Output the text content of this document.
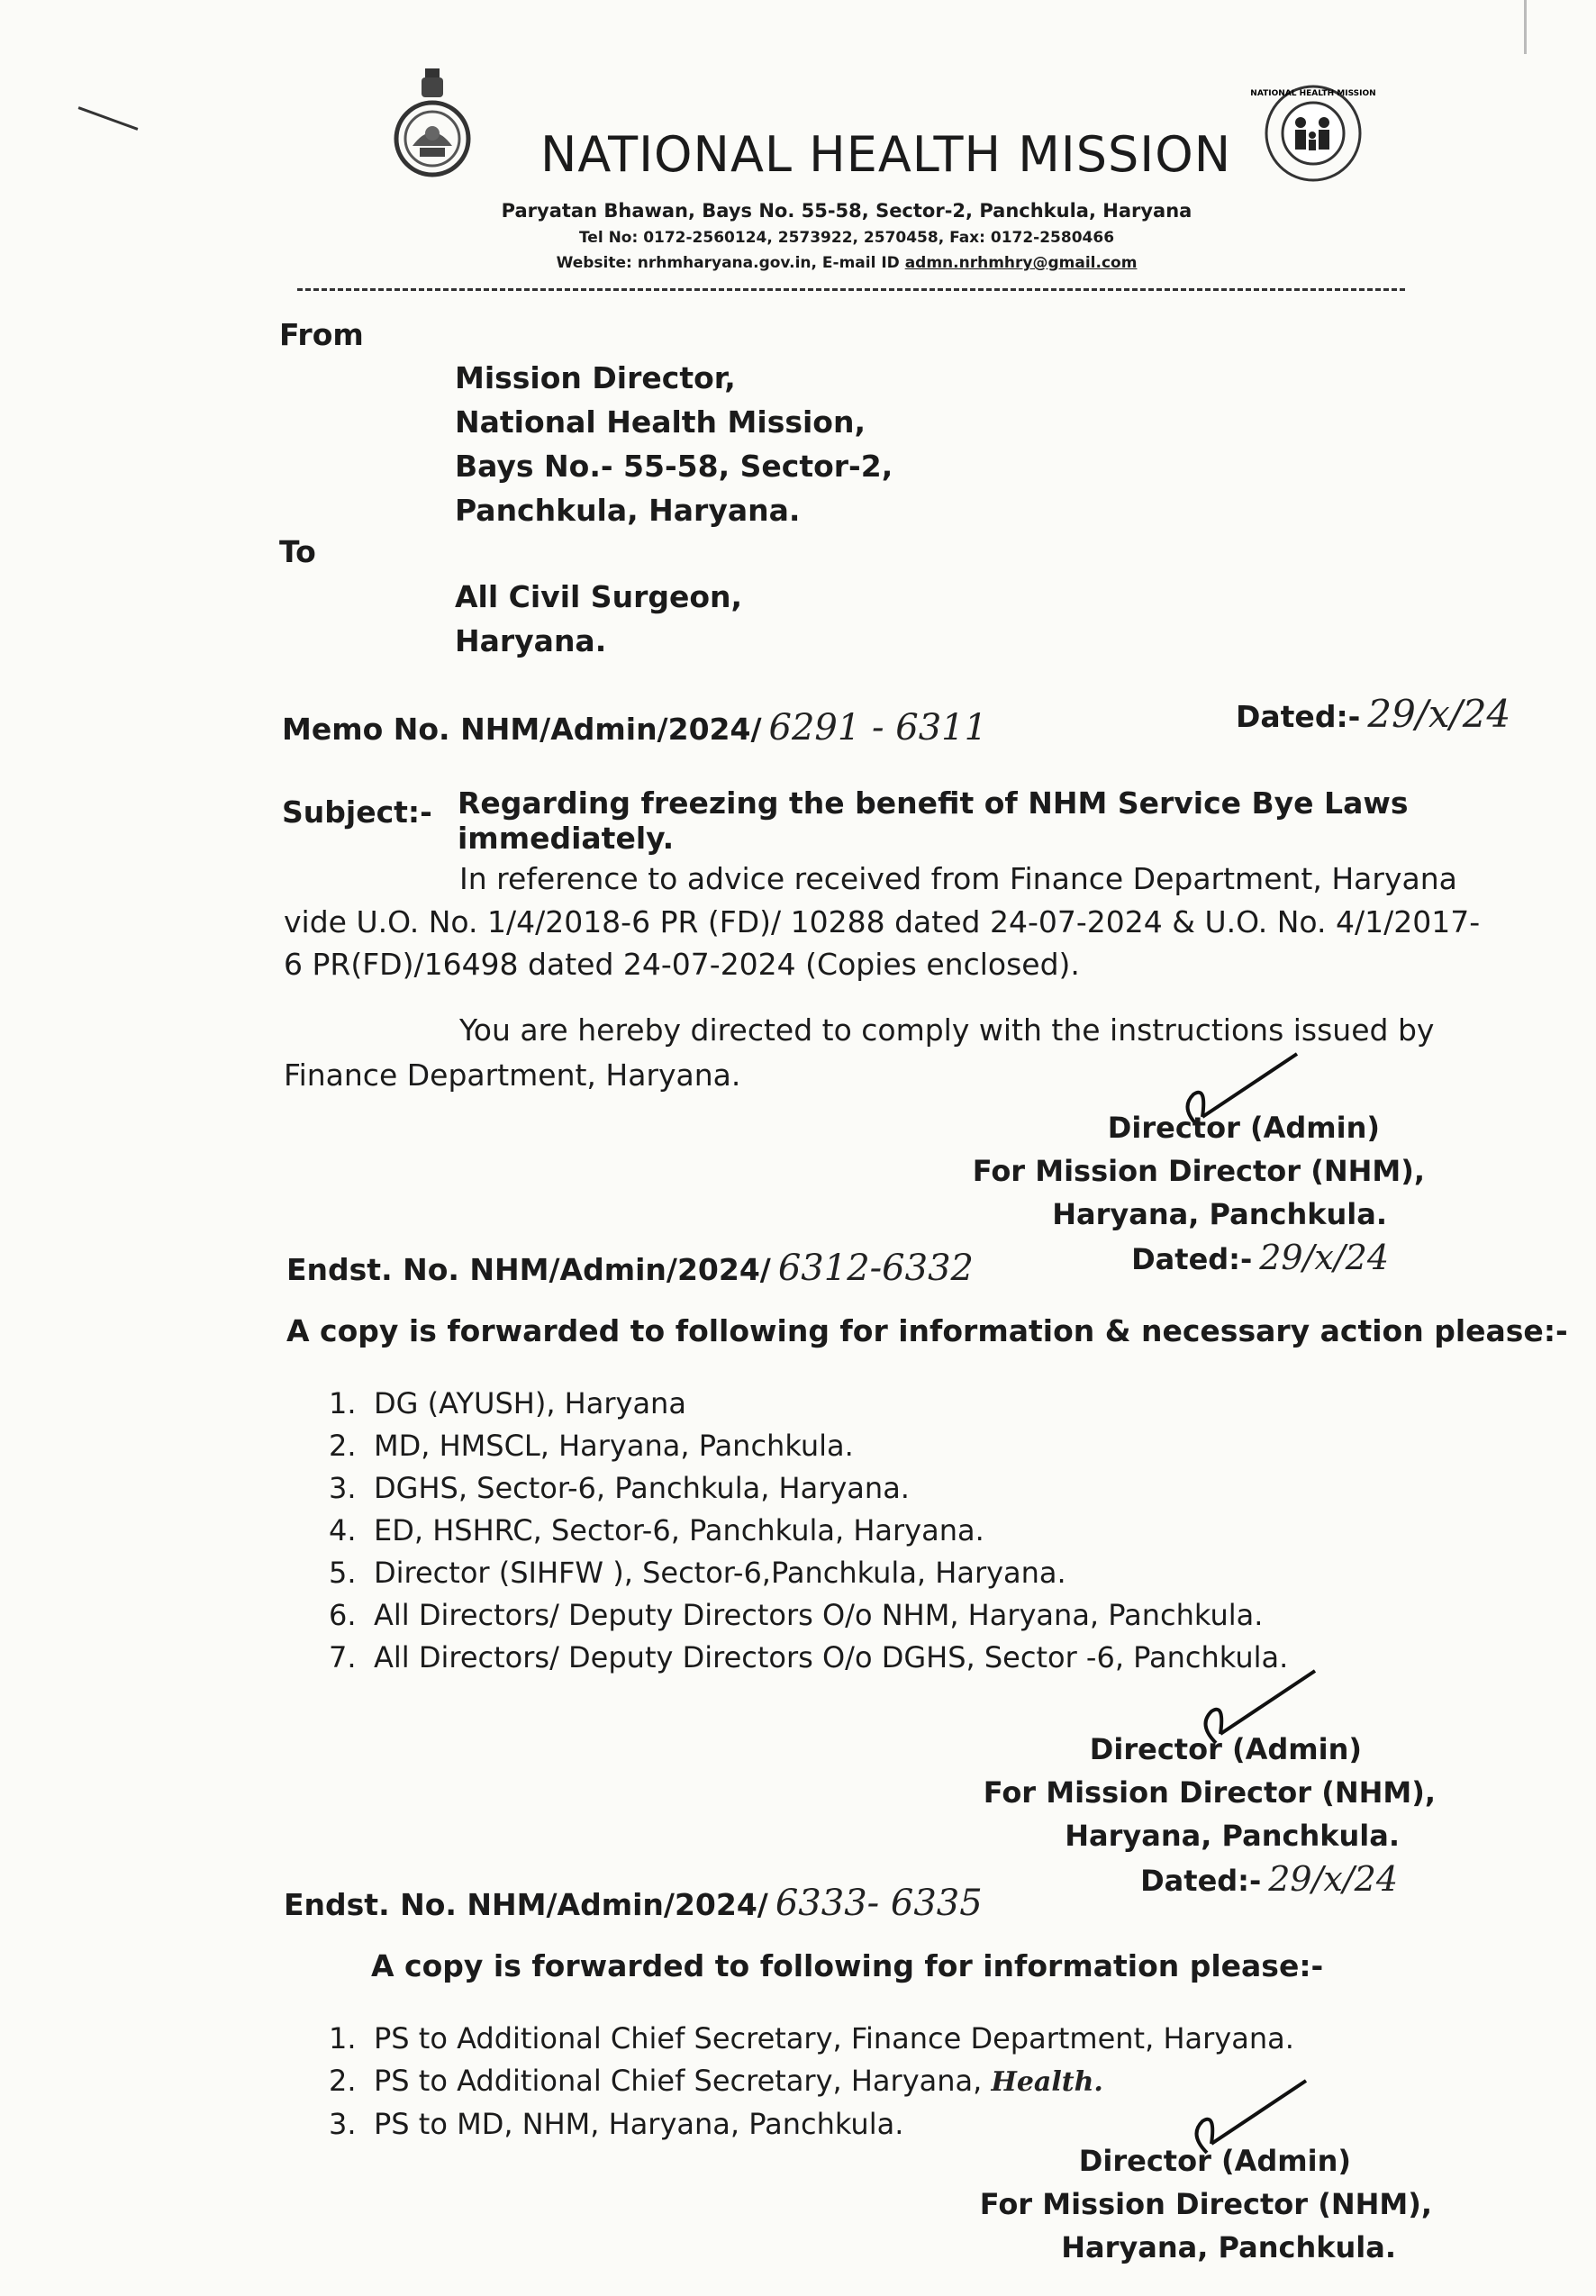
NATIONAL HEALTH MISSION
NATIONAL HEALTH MISSION
Paryatan Bhawan, Bays No. 55-58, Sector-2, Panchkula, Haryana
Tel No: 0172-2560124, 2573922, 2570458, Fax: 0172-2580466
Website: nrhmharyana.gov.in, E-mail ID admn.nrhmhry@gmail.com
From
Mission Director,
National Health Mission,
Bays No.- 55-58, Sector-2,
Panchkula, Haryana.
To
All Civil Surgeon,
Haryana.
Memo No. NHM/Admin/2024/ 6291 - 6311	Dated:- 29/x/24
Subject:- Regarding freezing the benefit of NHM Service Bye Laws immediately.
In reference to advice received from Finance Department, Haryana
vide U.O. No. 1/4/2018-6 PR (FD)/ 10288 dated 24-07-2024 & U.O. No. 4/1/2017-
6 PR(FD)/16498 dated 24-07-2024 (Copies enclosed).
You are hereby directed to comply with the instructions issued by
Finance Department, Haryana.
Director (Admin)
For Mission Director (NHM),
Haryana, Panchkula.
Dated:- 29/x/24
Endst. No. NHM/Admin/2024/ 6312-6332
A copy is forwarded to following for information & necessary action please:-
1. DG (AYUSH), Haryana
2. MD, HMSCL, Haryana, Panchkula.
3. DGHS, Sector-6, Panchkula, Haryana.
4. ED, HSHRC, Sector-6, Panchkula, Haryana.
5. Director (SIHFW ), Sector-6,Panchkula, Haryana.
6. All Directors/ Deputy Directors O/o NHM, Haryana, Panchkula.
7. All Directors/ Deputy Directors O/o DGHS, Sector -6, Panchkula.
Director (Admin)
For Mission Director (NHM),
Haryana, Panchkula.
Dated:- 29/x/24
Endst. No. NHM/Admin/2024/ 6333- 6335
A copy is forwarded to following for information please:-
1. PS to Additional Chief Secretary, Finance Department, Haryana.
2. PS to Additional Chief Secretary, Haryana, Health.
3. PS to MD, NHM, Haryana, Panchkula.
Director (Admin)
For Mission Director (NHM),
Haryana, Panchkula.
